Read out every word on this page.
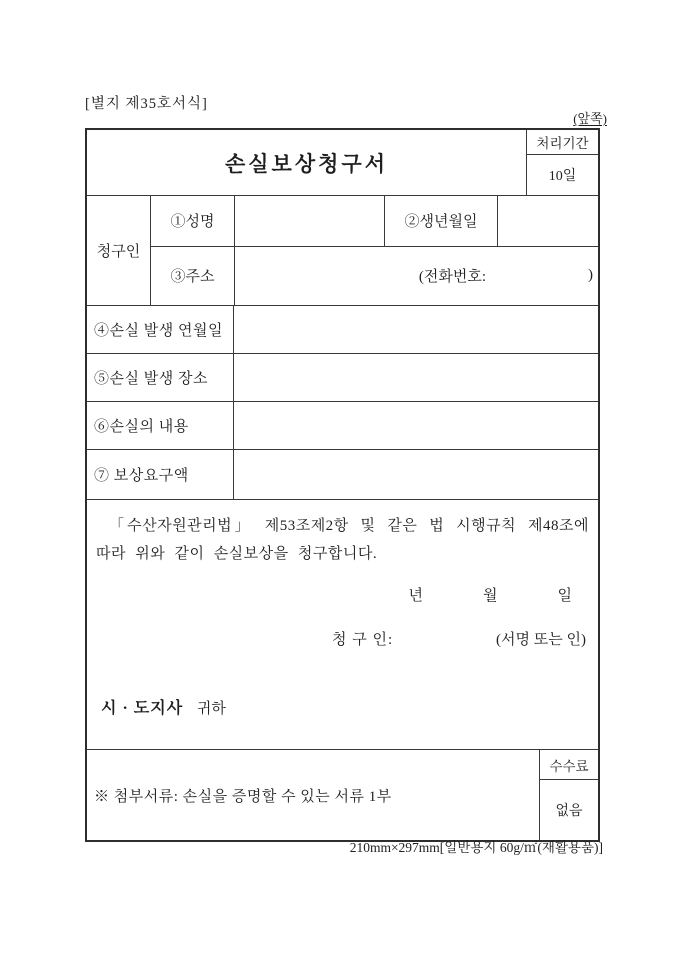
[별지 제35호서식]
(앞쪽)
손실보상청구서
처리기간
10일
청구인
①성명	②생년월일
③주소	(전화번호:	)
④손실 발생 연월일
⑤손실 발생 장소
⑥손실의 내용
⑦ 보상요구액
「수산자원관리법」 제53조제2항 및 같은 법 시행규칙 제48조에 따라 위와 같이 손실보상을 청구합니다.
년	월	일
청 구 인:	(서명 또는 인)
시 · 도지사 귀하
※ 첨부서류: 손실을 증명할 수 있는 서류 1부
수수료
없음
210mm×297mm[일반용지 60g/㎡(재활용품)]
